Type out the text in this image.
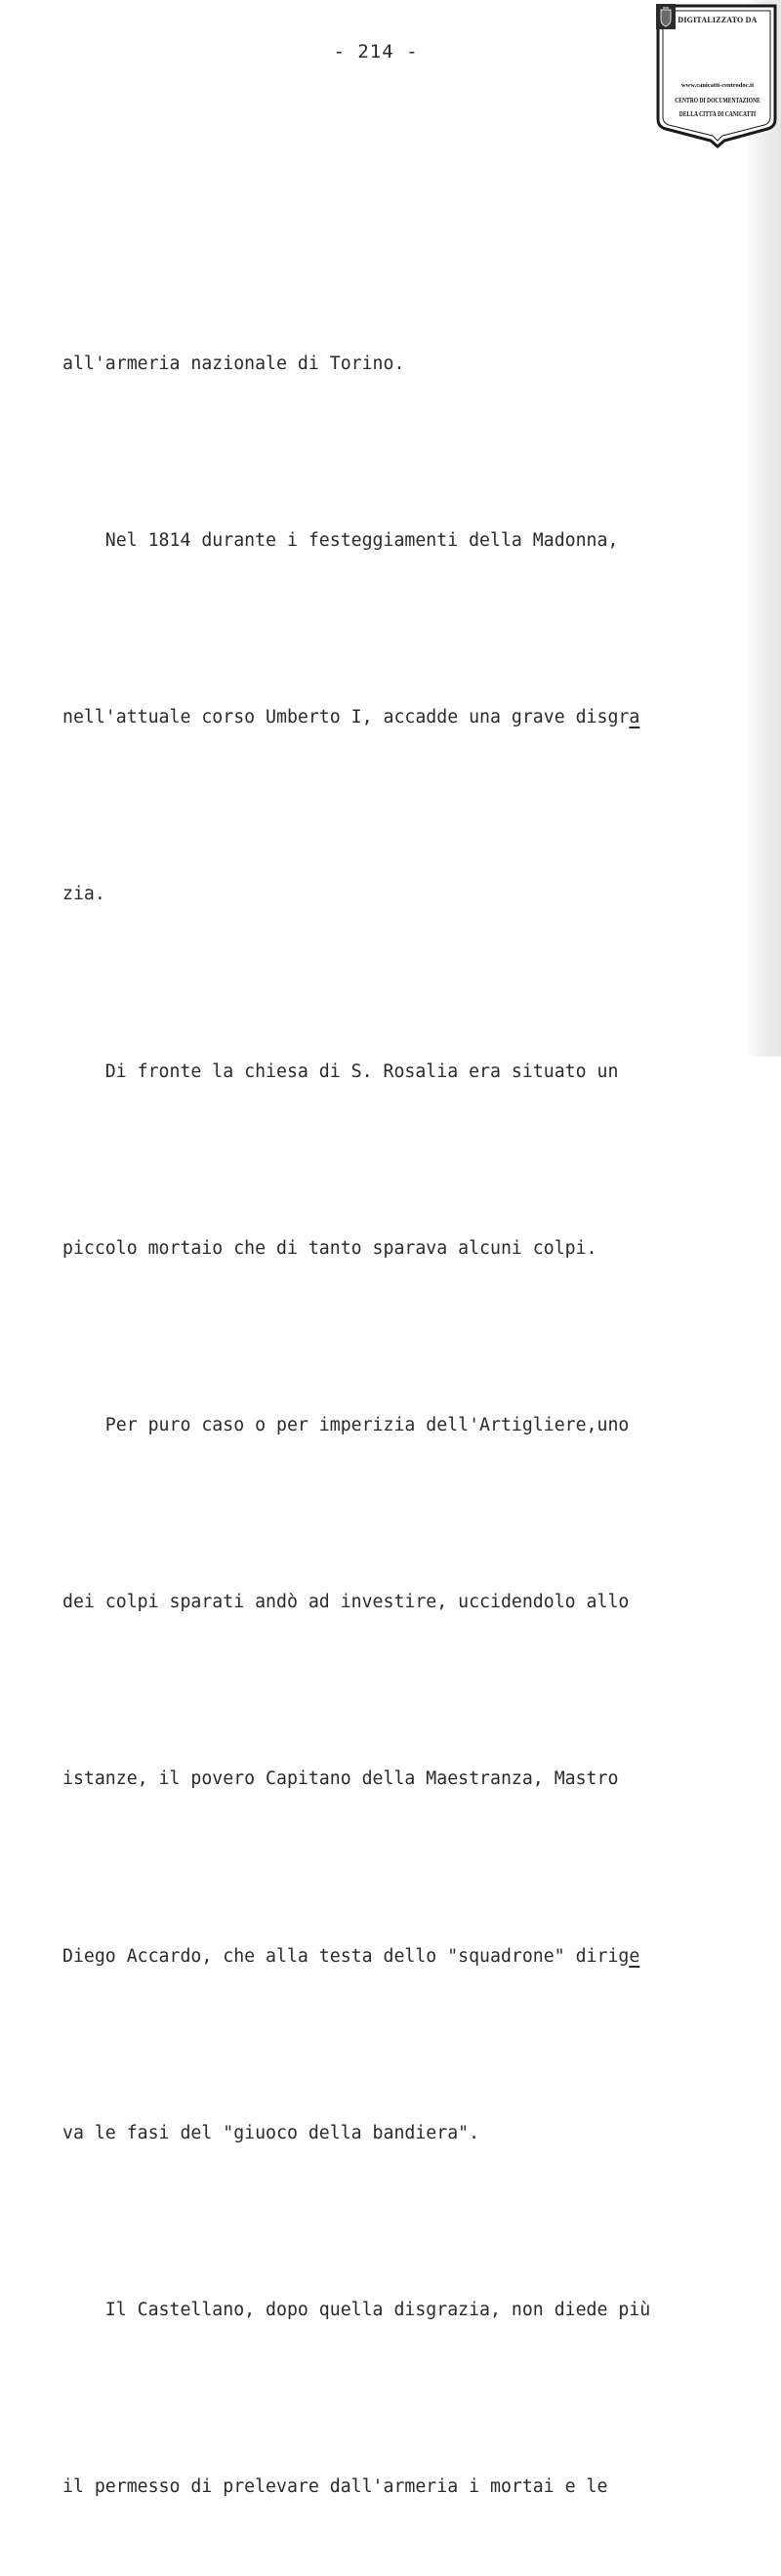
- 214 -
DIGITALIZZATO DA
www.canicatti-centrodoc.it
CENTRO DI DOCUMENTAZIONE
DELLA CITTÀ DI CANICATTÌ

all'armeria nazionale di Torino.

Nel 1814 durante i festeggiamenti della Madonna,

nell'attuale corso Umberto I, accadde una grave disgra

zia.

Di fronte la chiesa di S. Rosalia era situato un

piccolo mortaio che di tanto sparava alcuni colpi.

Per puro caso o per imperizia dell'Artigliere,uno

dei colpi sparati andò ad investire, uccidendolo allo

istanze, il povero Capitano della Maestranza, Mastro

Diego Accardo, che alla testa dello "squadrone" dirige

va le fasi del "giuoco della bandiera".

Il Castellano, dopo quella disgrazia, non diede più

il permesso di prelevare dall'armeria i mortai e le
